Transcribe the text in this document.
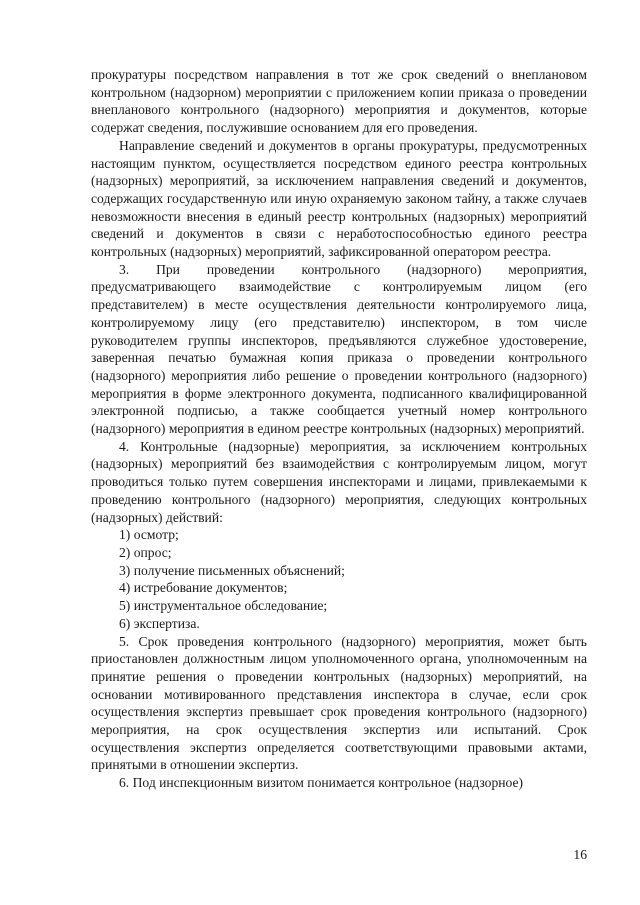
прокуратуры посредством направления в тот же срок сведений о внеплановом контрольном (надзорном) мероприятии с приложением копии приказа о проведении внепланового контрольного (надзорного) мероприятия и документов, которые содержат сведения, послужившие основанием для его проведения.

Направление сведений и документов в органы прокуратуры, предусмотренных настоящим пунктом, осуществляется посредством единого реестра контрольных (надзорных) мероприятий, за исключением направления сведений и документов, содержащих государственную или иную охраняемую законом тайну, а также случаев невозможности внесения в единый реестр контрольных (надзорных) мероприятий сведений и документов в связи с неработоспособностью единого реестра контрольных (надзорных) мероприятий, зафиксированной оператором реестра.

3. При проведении контрольного (надзорного) мероприятия, предусматривающего взаимодействие с контролируемым лицом (его представителем) в месте осуществления деятельности контролируемого лица, контролируемому лицу (его представителю) инспектором, в том числе руководителем группы инспекторов, предъявляются служебное удостоверение, заверенная печатью бумажная копия приказа о проведении контрольного (надзорного) мероприятия либо решение о проведении контрольного (надзорного) мероприятия в форме электронного документа, подписанного квалифицированной электронной подписью, а также сообщается учетный номер контрольного (надзорного) мероприятия в едином реестре контрольных (надзорных) мероприятий.

4. Контрольные (надзорные) мероприятия, за исключением контрольных (надзорных) мероприятий без взаимодействия с контролируемым лицом, могут проводиться только путем совершения инспекторами и лицами, привлекаемыми к проведению контрольного (надзорного) мероприятия, следующих контрольных (надзорных) действий:

1) осмотр;

2) опрос;

3) получение письменных объяснений;

4) истребование документов;

5) инструментальное обследование;

6) экспертиза.

5. Срок проведения контрольного (надзорного) мероприятия, может быть приостановлен должностным лицом уполномоченного органа, уполномоченным на принятие решения о проведении контрольных (надзорных) мероприятий, на основании мотивированного представления инспектора в случае, если срок осуществления экспертиз превышает срок проведения контрольного (надзорного) мероприятия, на срок осуществления экспертиз или испытаний. Срок осуществления экспертиз определяется соответствующими правовыми актами, принятыми в отношении экспертиз.

6. Под инспекционным визитом понимается контрольное (надзорное)

16
